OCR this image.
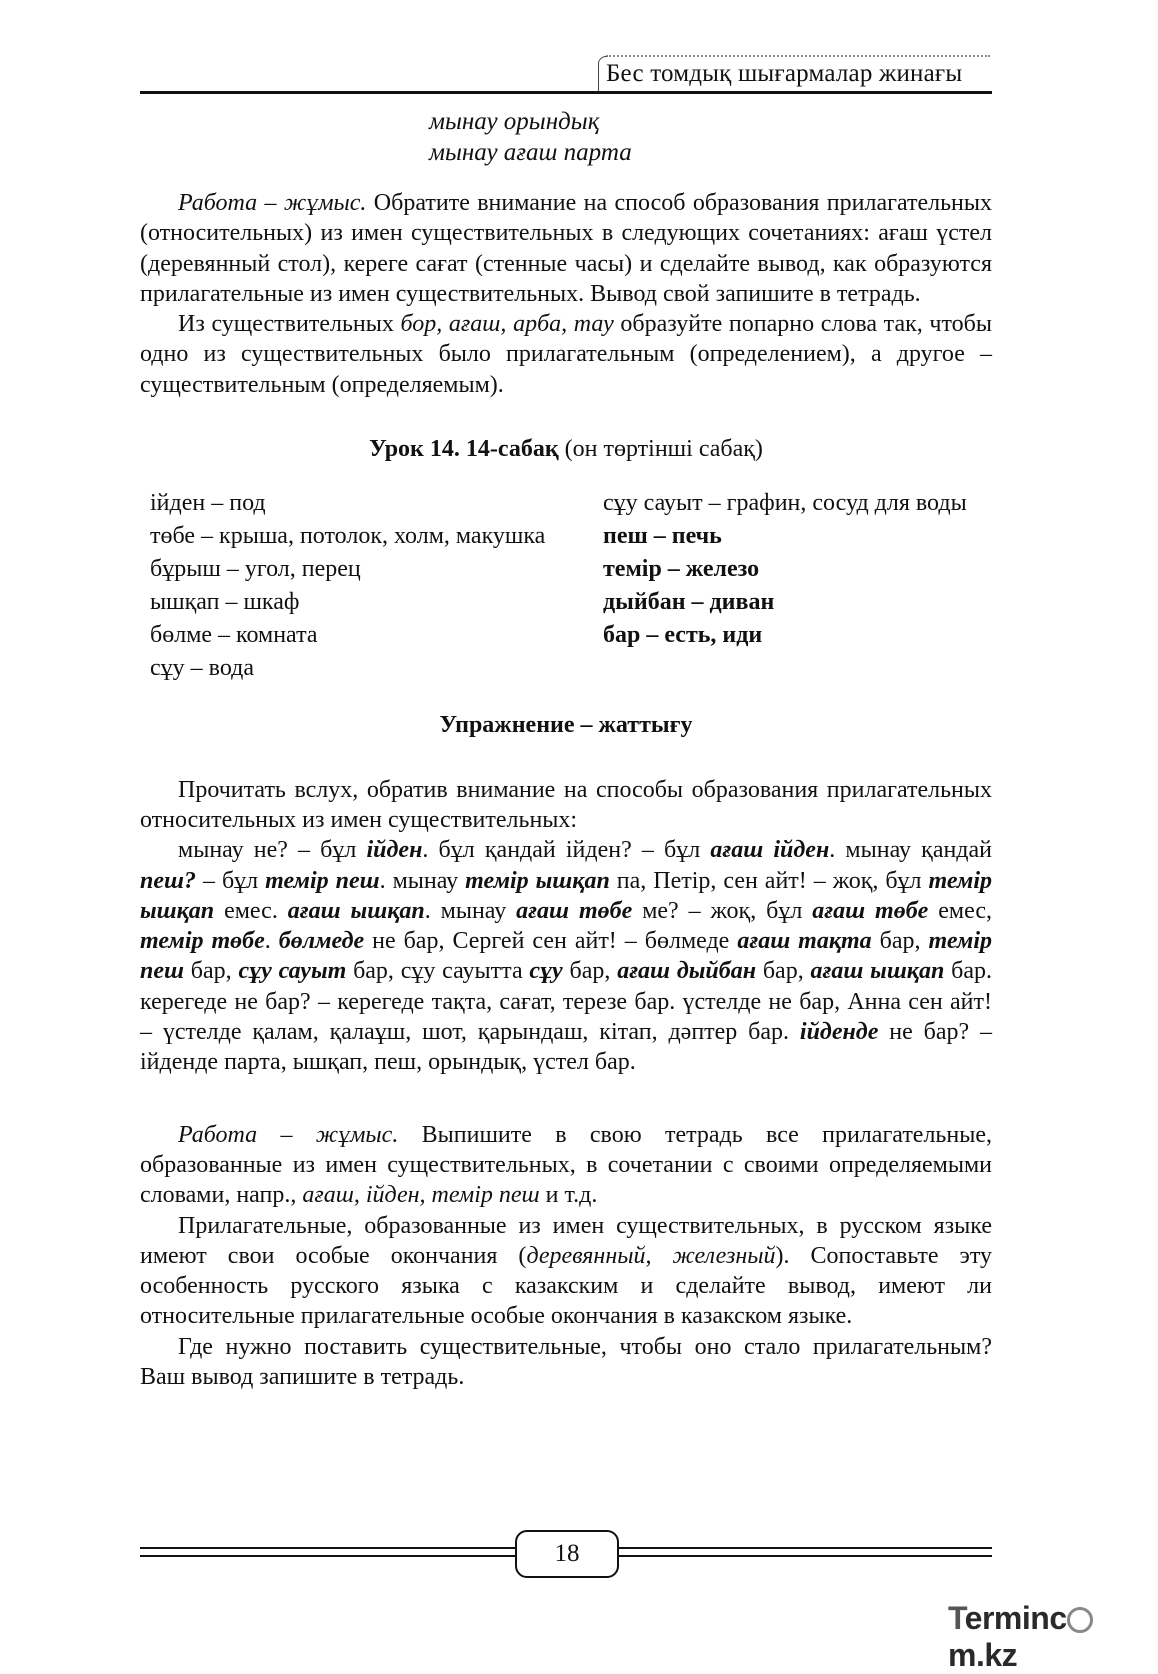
Бес томдық шығармалар жинағы
мынау орындық
мынау ағаш парта

Работа – жұмыс. Обратите внимание на способ образования прилагательных (относительных) из имен существительных в следующих сочетаниях: ағаш үстел (деревянный стол), кереге сағат (стенные часы) и сделайте вывод, как образуются прилагательные из имен существительных. Вывод свой запишите в тетрадь.

Из существительных бор, ағаш, арба, тау образуйте попарно слова так, чтобы одно из существительных было прилагательным (определением), а другое – существительным (определяемым).

Урок 14. 14-сабақ (он төртінші сабақ)
ійден – под	сұу сауыт – графин, сосуд для воды
төбе – крыша, потолок, холм, макушка	пеш – печь
бұрыш – угол, перец	темір – железо
ышқап – шкаф	дыйбан – диван
бөлме – комната	бар – есть, иди
сұу – вода
Упражнение – жаттығу

Прочитать вслух, обратив внимание на способы образования прилагательных относительных из имен существительных:

мынау не? – бұл ійден. бұл қандай ійден? – бұл ағаш ійден. мынау қандай пеш? – бұл темір пеш. мынау темір ышқап па, Петір, сен айт! – жоқ, бұл темір ышқап емес. ағаш ышқап. мынау ағаш төбе ме? – жоқ, бұл ағаш төбе емес, темір төбе. бөлмеде не бар, Сергей сен айт! – бөлмеде ағаш тақта бар, темір пеш бар, сұу сауыт бар, сұу сауытта сұу бар, ағаш дыйбан бар, ағаш ышқап бар. керегеде не бар? – керегеде тақта, сағат, терезе бар. үстелде не бар, Анна сен айт! – үстелде қалам, қалаұш, шот, қарындаш, кітап, дәптер бар. ійденде не бар? – ійденде парта, ышқап, пеш, орындық, үстел бар.

Работа – жұмыс. Выпишите в свою тетрадь все прилагательные, образованные из имен существительных, в сочетании с своими определяемыми словами, напр., ағаш, ійден, темір пеш и т.д.

Прилагательные, образованные из имен существительных, в русском языке имеют свои особые окончания (деревянный, железный). Сопоставьте эту особенность русского языка с казакским и сделайте вывод, имеют ли относительные прилагательные особые окончания в казакском языке.

Где нужно поставить существительные, чтобы оно стало прилагательным? Ваш вывод запишите в тетрадь.

18
Termincm.kz
